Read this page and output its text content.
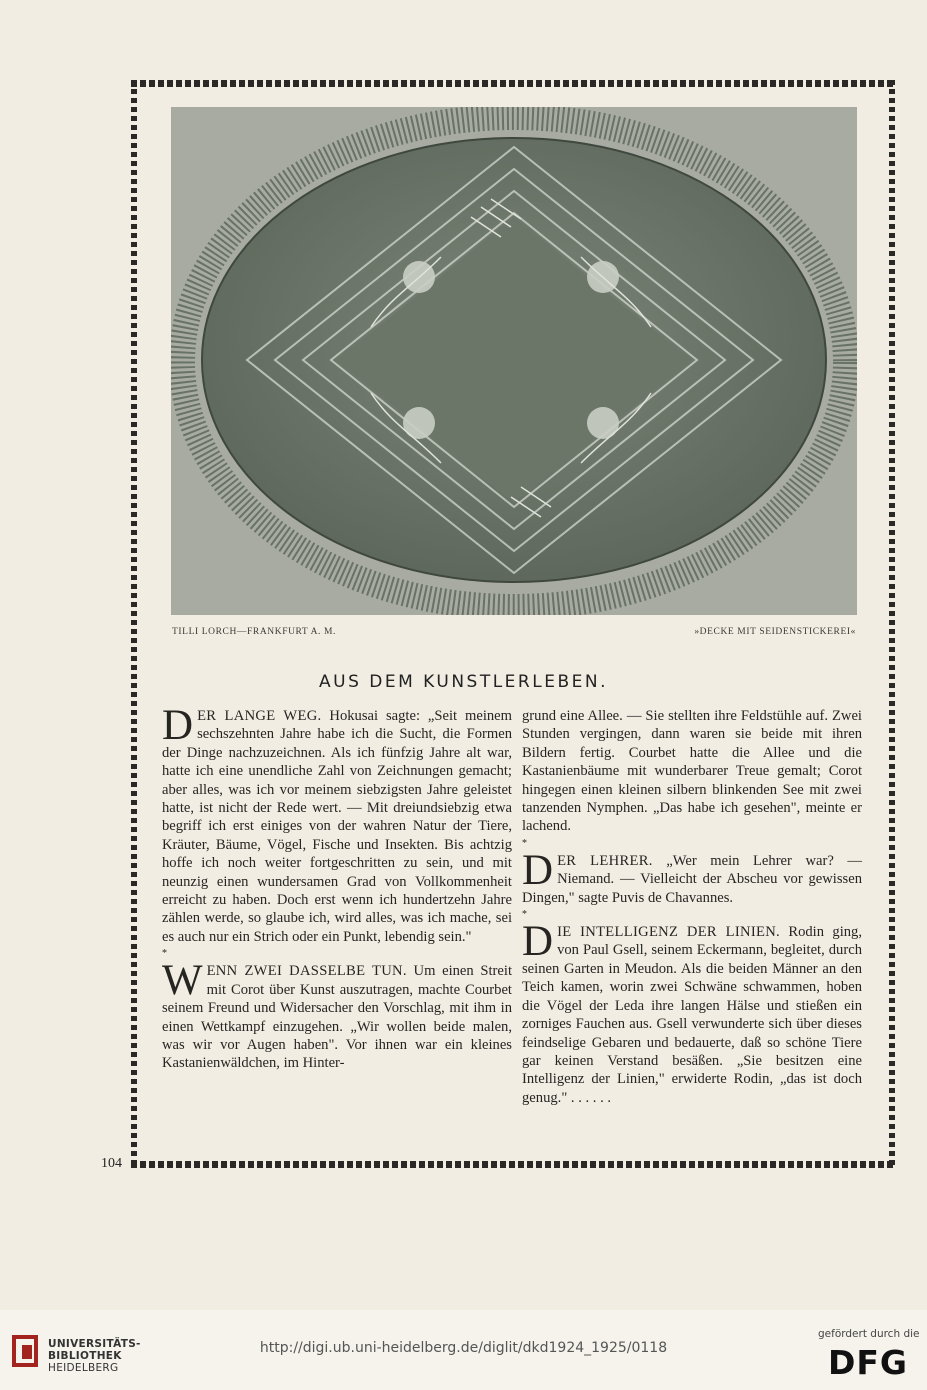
TILLI LORCH—FRANKFURT A. M.	»DECKE MIT SEIDENSTICKEREI«
AUS DEM KUNSTLERLEBEN.

DER LANGE WEG. Hokusai sagte: „Seit meinem sechszehnten Jahre habe ich die Sucht, die Formen der Dinge nachzuzeichnen. Als ich fünfzig Jahre alt war, hatte ich eine unendliche Zahl von Zeichnungen gemacht; aber alles, was ich vor meinem siebzigsten Jahre geleistet hatte, ist nicht der Rede wert. — Mit dreiundsiebzig etwa begriff ich erst einiges von der wahren Natur der Tiere, Kräuter, Bäume, Vögel, Fische und Insekten. Bis achtzig hoffe ich noch weiter fortgeschritten zu sein, und mit neunzig einen wundersamen Grad von Vollkommenheit erreicht zu haben. Doch erst wenn ich hundertzehn Jahre zählen werde, so glaube ich, wird alles, was ich mache, sei es auch nur ein Strich oder ein Punkt, lebendig sein."

*

WENN ZWEI DASSELBE TUN. Um einen Streit mit Corot über Kunst auszutragen, machte Courbet seinem Freund und Widersacher den Vorschlag, mit ihm in einen Wettkampf einzugehen. „Wir wollen beide malen, was wir vor Augen haben". Vor ihnen war ein kleines Kastanienwäldchen, im Hinter-

grund eine Allee. — Sie stellten ihre Feldstühle auf. Zwei Stunden vergingen, dann waren sie beide mit ihren Bildern fertig. Courbet hatte die Allee und die Kastanienbäume mit wunderbarer Treue gemalt; Corot hingegen einen kleinen silbern blinkenden See mit zwei tanzenden Nymphen. „Das habe ich gesehen", meinte er lachend.

*

DER LEHRER. „Wer mein Lehrer war? — Niemand. — Vielleicht der Abscheu vor gewissen Dingen," sagte Puvis de Chavannes.

*

DIE INTELLIGENZ DER LINIEN. Rodin ging, von Paul Gsell, seinem Eckermann, begleitet, durch seinen Garten in Meudon. Als die beiden Männer an den Teich kamen, worin zwei Schwäne schwammen, hoben die Vögel der Leda ihre langen Hälse und stießen ein zorniges Fauchen aus. Gsell verwunderte sich über dieses feindselige Gebaren und bedauerte, daß so schöne Tiere gar keinen Verstand besäßen. „Sie besitzen eine Intelligenz der Linien," erwiderte Rodin, „das ist doch genug." . . . . . .

104
UNIVERSITÄTS-
BIBLIOTHEK
HEIDELBERG
http://digi.ub.uni-heidelberg.de/diglit/dkd1924_1925/0118
gefördert durch die
DFG
